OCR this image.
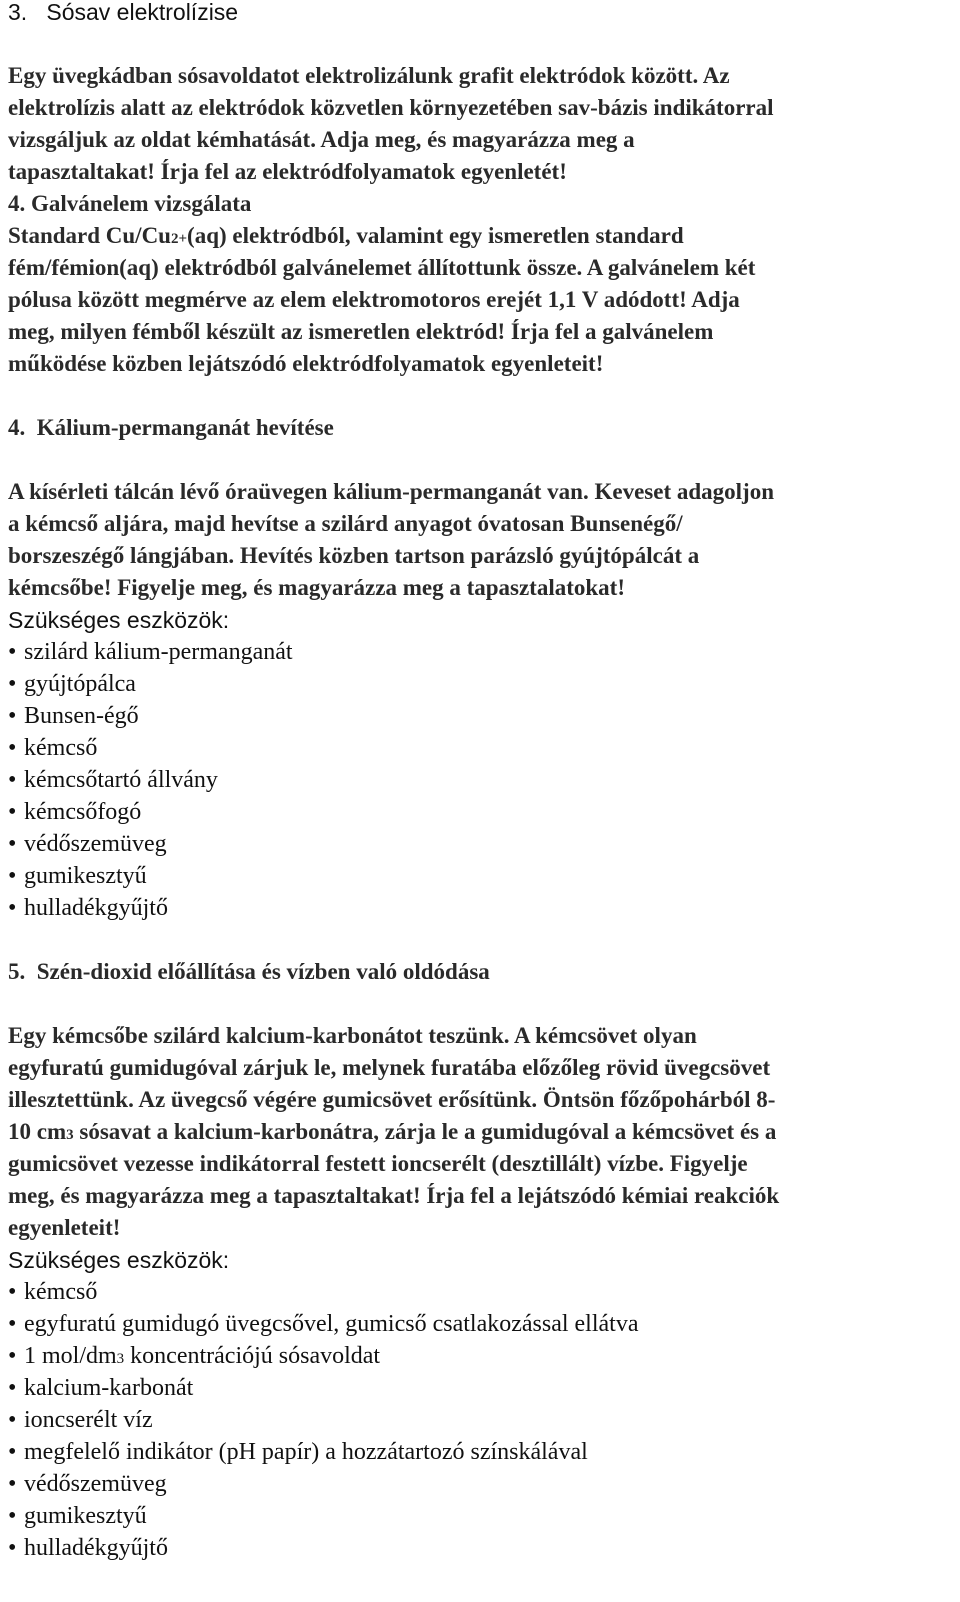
3.   Sósav elektrolízise
Egy üvegkádban sósavoldatot elektrolizálunk grafit elektródok között. Az
elektrolízis alatt az elektródok közvetlen környezetében sav-bázis indikátorral
vizsgáljuk az oldat kémhatását. Adja meg, és magyarázza meg a
tapasztaltakat! Írja fel az elektródfolyamatok egyenletét!
4. Galvánelem vizsgálata
Standard Cu/Cu2+(aq) elektródból, valamint egy ismeretlen standard
fém/fémion(aq) elektródból galvánelemet állítottunk össze. A galvánelem két
pólusa között megmérve az elem elektromotoros erejét 1,1 V adódott! Adja
meg, milyen fémből készült az ismeretlen elektród! Írja fel a galvánelem
működése közben lejátszódó elektródfolyamatok egyenleteit!
4.  Kálium-permanganát hevítése
A kísérleti tálcán lévő óraüvegen kálium-permanganát van. Keveset adagoljon
a kémcső aljára, majd hevítse a szilárd anyagot óvatosan Bunsenégő/
borszeszégő lángjában. Hevítés közben tartson parázsló gyújtópálcát a
kémcsőbe! Figyelje meg, és magyarázza meg a tapasztalatokat!
Szükséges eszközök:
• szilárd kálium-permanganát
• gyújtópálca
• Bunsen-égő
• kémcső
• kémcsőtartó állvány
• kémcsőfogó
• védőszemüveg
• gumikesztyű
• hulladékgyűjtő
5.  Szén-dioxid előállítása és vízben való oldódása
Egy kémcsőbe szilárd kalcium-karbonátot teszünk. A kémcsövet olyan
egyfuratú gumidugóval zárjuk le, melynek furatába előzőleg rövid üvegcsövet
illesztettünk. Az üvegcső végére gumicsövet erősítünk. Öntsön főzőpohárból 8-
10 cm3 sósavat a kalcium-karbonátra, zárja le a gumidugóval a kémcsövet és a
gumicsövet vezesse indikátorral festett ioncserélt (desztillált) vízbe. Figyelje
meg, és magyarázza meg a tapasztaltakat! Írja fel a lejátszódó kémiai reakciók
egyenleteit!
Szükséges eszközök:
• kémcső
• egyfuratú gumidugó üvegcsővel, gumicső csatlakozással ellátva
• 1 mol/dm3 koncentrációjú sósavoldat
• kalcium-karbonát
• ioncserélt víz
• megfelelő indikátor (pH papír) a hozzátartozó színskálával
• védőszemüveg
• gumikesztyű
• hulladékgyűjtő
